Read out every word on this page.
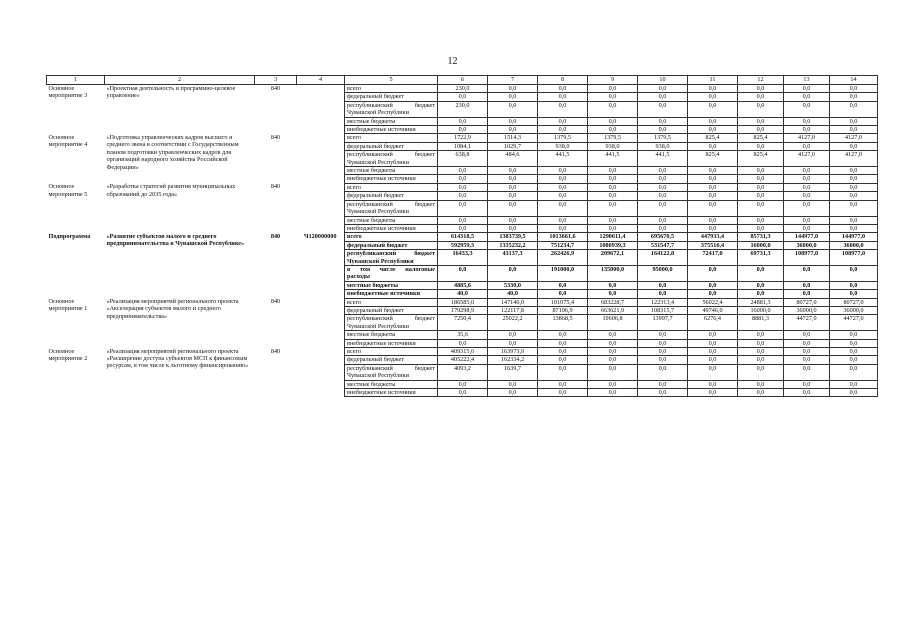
12
1	2	3	4	5	6	7	8	9	10	11	12	13	14
Основное мероприятие 3	«Проектная деятельность и программно-целевое управление»	840		всего	230,0	0,0	0,0	0,0	0,0	0,0	0,0	0,0	0,0
				федеральный бюджет	0,0	0,0	0,0	0,0	0,0	0,0	0,0	0,0	0,0
				республиканский бюджет Чувашской Республики	230,0	0,0	0,0	0,0	0,0	0,0	0,0	0,0	0,0
				местные бюджеты	0,0	0,0	0,0	0,0	0,0	0,0	0,0	0,0	0,0
				внебюджетные источники	0,0	0,0	0,0	0,0	0,0	0,0	0,0	0,0	0,0
Основное мероприятие 4	«Подготовка управленческих кадров высшего и среднего звена в соответствии с Государственным планом подготовки управленческих кадров для организаций народного хозяйства Российской Федерации»	840		всего	1722,9	1514,3	1379,5	1379,5	1379,5	825,4	825,4	4127,0	4127,0
				федеральный бюджет	1084,1	1029,7	938,0	938,0	938,0	0,0	0,0	0,0	0,0
				республиканский бюджет Чувашской Республики	638,8	484,6	441,5	441,5	441,5	825,4	825,4	4127,0	4127,0
				местные бюджеты	0,0	0,0	0,0	0,0	0,0	0,0	0,0	0,0	0,0
				внебюджетные источники	0,0	0,0	0,0	0,0	0,0	0,0	0,0	0,0	0,0
Основное мероприятие 5	«Разработка стратегий развития муниципальных образований до 2035 года»	840		всего	0,0	0,0	0,0	0,0	0,0	0,0	0,0	0,0	0,0
				федеральный бюджет	0,0	0,0	0,0	0,0	0,0	0,0	0,0	0,0	0,0
				республиканский бюджет Чувашской Республики	0,0	0,0	0,0	0,0	0,0	0,0	0,0	0,0	0,0
				местные бюджеты	0,0	0,0	0,0	0,0	0,0	0,0	0,0	0,0	0,0
				внебюджетные источники	0,0	0,0	0,0	0,0	0,0	0,0	0,0	0,0	0,0
Подпрограмма	«Развитие субъектов малого и среднего предпринимательства в Чувашской Республике»	840	Ч120000000	всего	614318,5	1383739,5	1013661,6	1290611,4	695670,5	447933,4	85731,3	144977,0	144977,0
				федеральный бюджет	592959,3	1335232,2	751234,7	1080939,3	531547,7	375516,4	16000,0	36000,0	36000,0
				республиканский бюджет Чувашской Республики	16433,3	43137,3	262426,9	209672,1	164122,8	72417,0	69731,3	108977,0	108977,0
				в том числе налоговые расходы	0,0	0,0	191000,0	135000,0	95000,0	0,0	0,0	0,0	0,0
				местные бюджеты	4885,6	5330,0	0,0	0,0	0,0	0,0	0,0	0,0	0,0
				внебюджетные источники	40,0	40,0	0,0	0,0	0,0	0,0	0,0	0,0	0,0
Основное мероприятие 1	«Реализация мероприятий регионального проекта «Акселерация субъектов малого и среднего предпринимательства»	840		всего	186585,0	147140,0	101075,4	683228,7	122313,4	56022,4	24881,3	80727,0	80727,0
				федеральный бюджет	179298,9	122117,8	87106,9	663621,9	108315,7	49746,0	16000,0	36000,0	36000,0
				республиканский бюджет Чувашской Республики	7250,4	25022,2	13868,5	19606,8	13997,7	6276,4	8881,3	44727,0	44727,0
				местные бюджеты	35,6	0,0	0,0	0,0	0,0	0,0	0,0	0,0	0,0
				внебюджетные источники	0,0	0,0	0,0	0,0	0,0	0,0	0,0	0,0	0,0
Основное мероприятие 2	«Реализация мероприятий регионального проекта «Расширение доступа субъектов МСП к финансовым ресурсам, в том числе к льготному финансированию»	840		всего	409315,6	163973,9	0,0	0,0	0,0	0,0	0,0	0,0	0,0
				федеральный бюджет	405222,4	162334,2	0,0	0,0	0,0	0,0	0,0	0,0	0,0
				республиканский бюджет Чувашской Республики	4093,2	1639,7	0,0	0,0	0,0	0,0	0,0	0,0	0,0
				местные бюджеты	0,0	0,0	0,0	0,0	0,0	0,0	0,0	0,0	0,0
				внебюджетные источники	0,0	0,0	0,0	0,0	0,0	0,0	0,0	0,0	0,0
